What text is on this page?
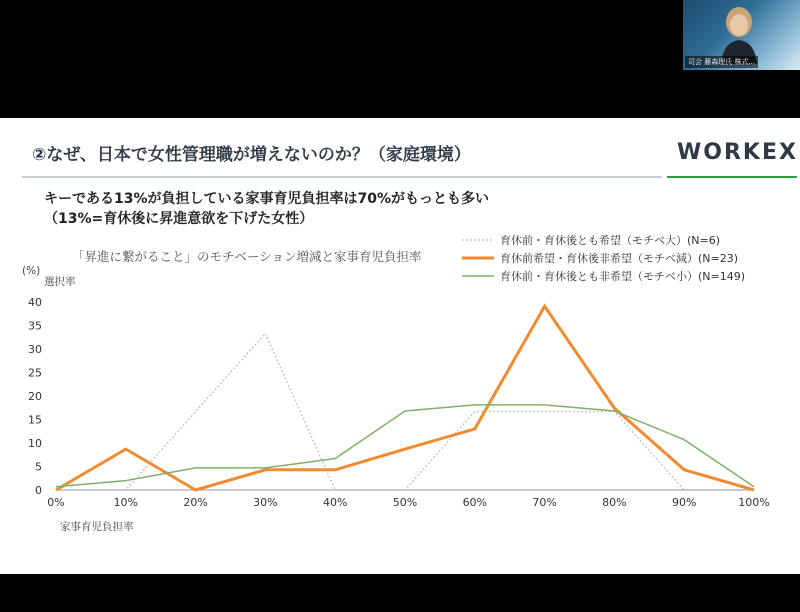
司会 藤森理氏 株式...
②なぜ、日本で女性管理職が増えないのか？（家庭環境）	WORKEX
キーである13%が負担している家事育児負担率は70%がもっとも多い
（13%=育休後に昇進意欲を下げた女性）
「昇進に繋がること」のモチベーション増減と家事育児負担率
0
5
10
15
20
25
30
35
40
0%	10%	20%	30%	40%	50%	60%	70%	80%	90%	100%
(%)
選択率
家事育児負担率
育休前・育休後とも希望（モチベ大）(N=6)
育休前希望・育休後非希望（モチベ減）(N=23)
育休前・育休後とも非希望（モチベ小）(N=149)
